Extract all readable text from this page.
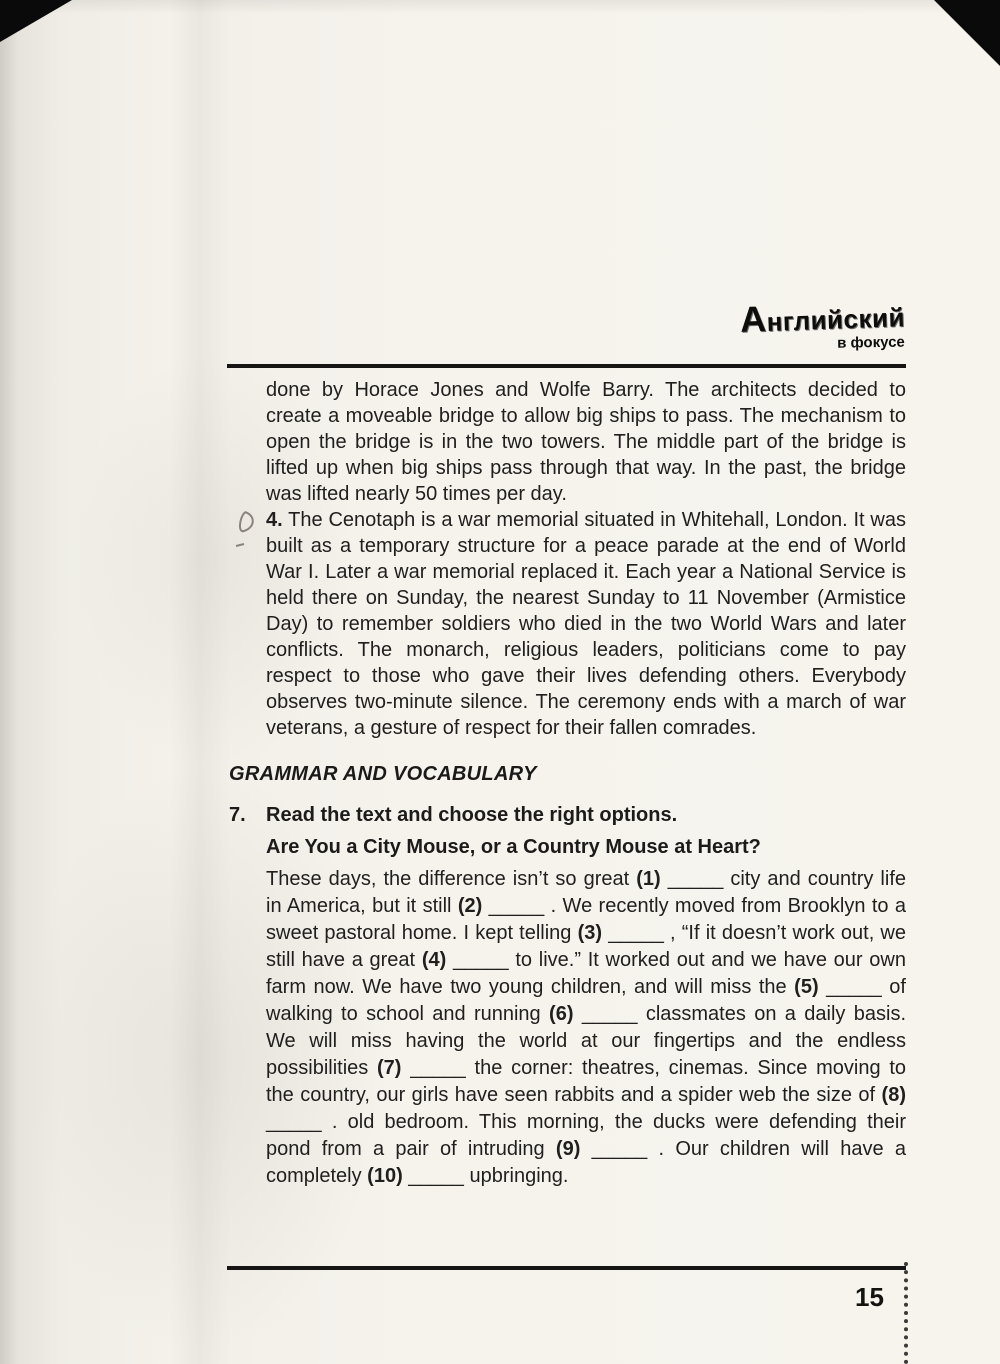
Английский
в фокусе

done by Horace Jones and Wolfe Barry. The architects decided to create a moveable bridge to allow big ships to pass. The mechanism to open the bridge is in the two towers. The middle part of the bridge is lifted up when big ships pass through that way. In the past, the bridge was lifted nearly 50 times per day.

4. The Cenotaph is a war memorial situated in Whitehall, London. It was built as a temporary structure for a peace parade at the end of World War I. Later a war memorial replaced it. Each year a National Service is held there on Sunday, the nearest Sunday to 11 November (Armistice Day) to remember soldiers who died in the two World Wars and later conflicts. The monarch, religious leaders, politicians come to pay respect to those who gave their lives defending others. Everybody observes two-minute silence. The ceremony ends with a march of war veterans, a gesture of respect for their fallen comrades.

GRAMMAR AND VOCABULARY
7.	Read the text and choose the right options.
Are You a City Mouse, or a Country Mouse at Heart?

These days, the difference isn’t so great (1) _____ city and country life in America, but it still (2) _____ . We recently moved from Brooklyn to a sweet pastoral home. I kept telling (3) _____ , “If it doesn’t work out, we still have a great (4) _____ to live.” It worked out and we have our own farm now. We have two young children, and will miss the (5) _____ of walking to school and running (6) _____ classmates on a daily basis. We will miss having the world at our fingertips and the endless possibilities (7) _____ the corner: theatres, cinemas. Since moving to the country, our girls have seen rabbits and a spider web the size of (8) _____ . old bedroom. This morning, the ducks were defending their pond from a pair of intruding (9) _____ . Our children will have a completely (10) _____ upbringing.

15
